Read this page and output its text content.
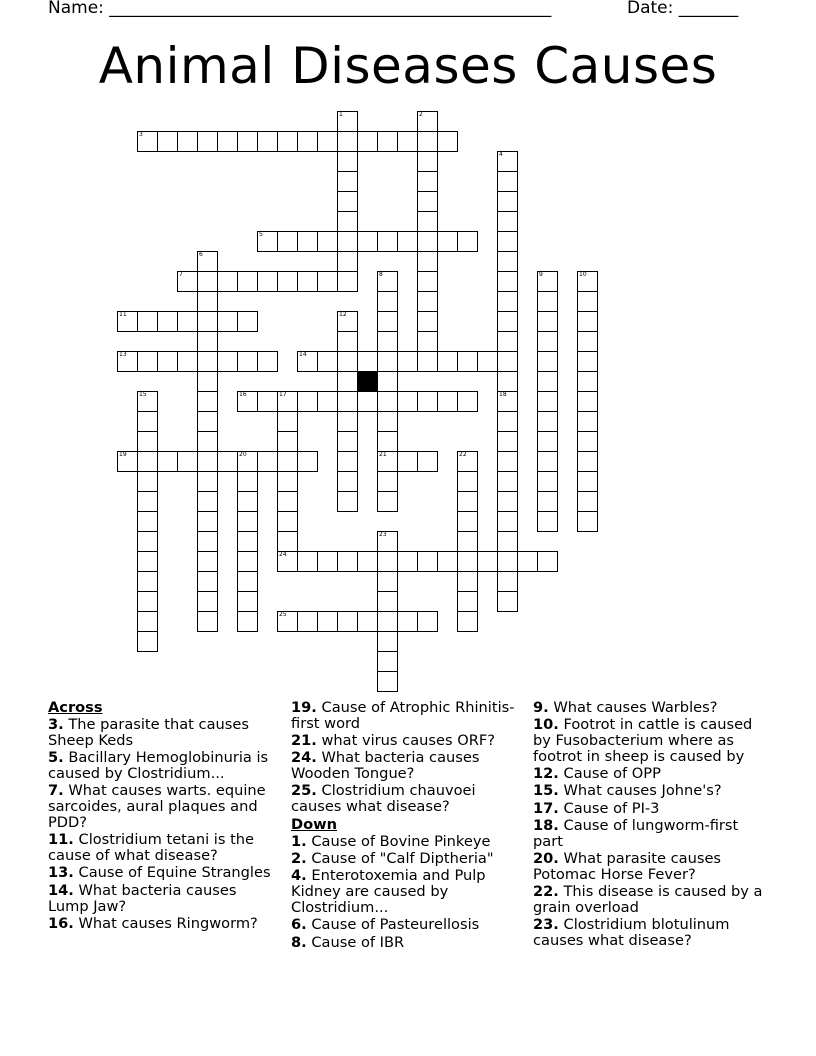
Name: ____________________________________________________	Date: _______
Animal Diseases Causes
3
5
7
11
13	14
16
19	21
24
25
1	2
4
6
8	9	10
12
15	17	18
20	22
23
Across
3. The parasite that causes Sheep Keds
5. Bacillary Hemoglobinuria is caused by Clostridium...
7. What causes warts. equine sarcoides, aural plaques and PDD?
11. Clostridium tetani is the cause of what disease?
13. Cause of Equine Strangles
14. What bacteria causes Lump Jaw?
16. What causes Ringworm?
19. Cause of Atrophic Rhinitis-first word
21. what virus causes ORF?
24. What bacteria causes Wooden Tongue?
25. Clostridium chauvoei causes what disease?
Down
1. Cause of Bovine Pinkeye
2. Cause of "Calf Diptheria"
4. Enterotoxemia and Pulp Kidney are caused by Clostridium...
6. Cause of Pasteurellosis
8. Cause of IBR
9. What causes Warbles?
10. Footrot in cattle is caused by Fusobacterium where as footrot in sheep is caused by
12. Cause of OPP
15. What causes Johne's?
17. Cause of PI-3
18. Cause of lungworm-first part
20. What parasite causes Potomac Horse Fever?
22. This disease is caused by a grain overload
23. Clostridium blotulinum causes what disease?
